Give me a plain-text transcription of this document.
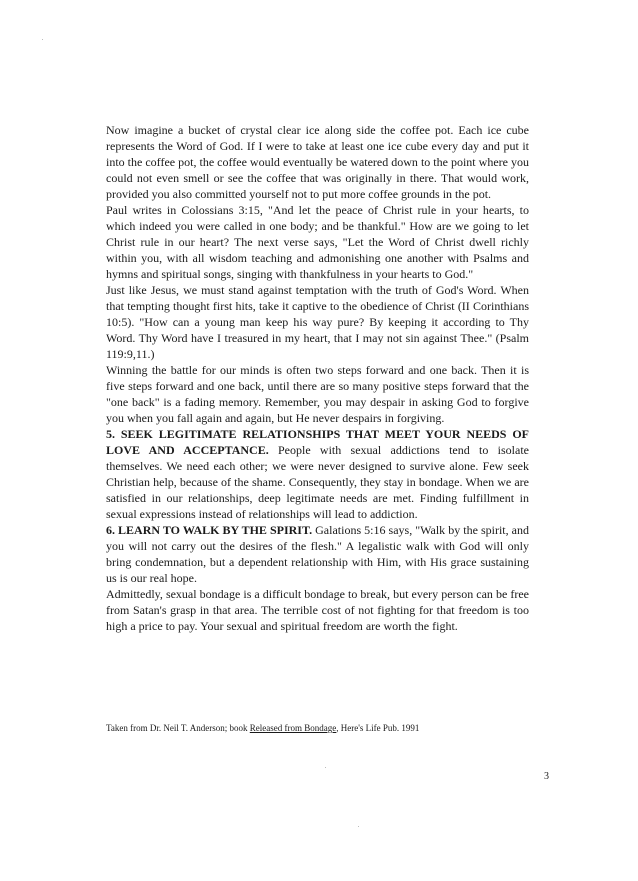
Now imagine a bucket of crystal clear ice along side the coffee pot. Each ice cube represents the Word of God. If I were to take at least one ice cube every day and put it into the coffee pot, the coffee would eventually be watered down to the point where you could not even smell or see the coffee that was originally in there. That would work, provided you also committed yourself not to put more coffee grounds in the pot.

Paul writes in Colossians 3:15, "And let the peace of Christ rule in your hearts, to which indeed you were called in one body; and be thankful." How are we going to let Christ rule in our heart? The next verse says, "Let the Word of Christ dwell richly within you, with all wisdom teaching and admonishing one another with Psalms and hymns and spiritual songs, singing with thankfulness in your hearts to God."

Just like Jesus, we must stand against temptation with the truth of God's Word. When that tempting thought first hits, take it captive to the obedience of Christ (II Corinthians 10:5). "How can a young man keep his way pure? By keeping it according to Thy Word. Thy Word have I treasured in my heart, that I may not sin against Thee." (Psalm 119:9,11.)

Winning the battle for our minds is often two steps forward and one back. Then it is five steps forward and one back, until there are so many positive steps forward that the "one back" is a fading memory. Remember, you may despair in asking God to forgive you when you fall again and again, but He never despairs in forgiving.

5. SEEK LEGITIMATE RELATIONSHIPS THAT MEET YOUR NEEDS OF LOVE AND ACCEPTANCE. People with sexual addictions tend to isolate themselves. We need each other; we were never designed to survive alone. Few seek Christian help, because of the shame. Consequently, they stay in bondage. When we are satisfied in our relationships, deep legitimate needs are met. Finding fulfillment in sexual expressions instead of relationships will lead to addiction.

6. LEARN TO WALK BY THE SPIRIT. Galations 5:16 says, "Walk by the spirit, and you will not carry out the desires of the flesh." A legalistic walk with God will only bring condemnation, but a dependent relationship with Him, with His grace sustaining us is our real hope.

Admittedly, sexual bondage is a difficult bondage to break, but every person can be free from Satan's grasp in that area. The terrible cost of not fighting for that freedom is too high a price to pay. Your sexual and spiritual freedom are worth the fight.

Taken from Dr. Neil T. Anderson; book Released from Bondage, Here's Life Pub. 1991
3
